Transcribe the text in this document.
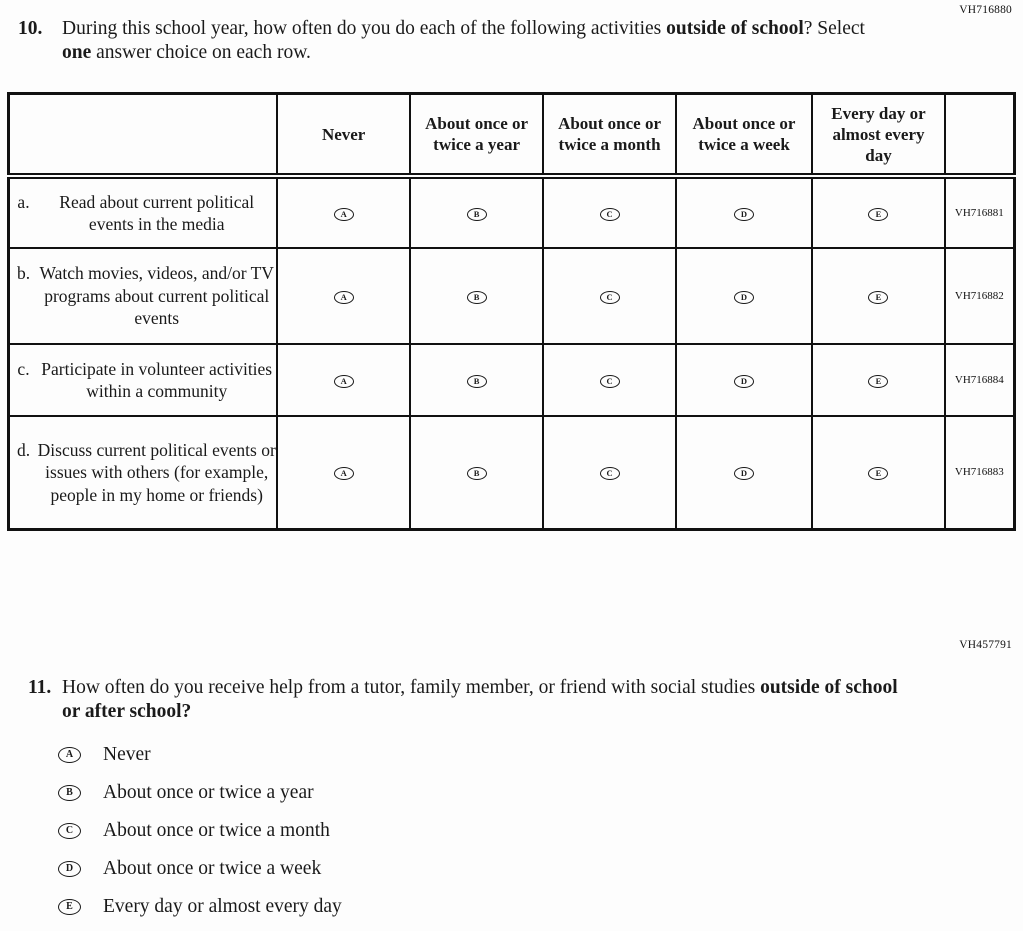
VH716880
10.	During this school year, how often do you do each of the following activities outside of school? Select one answer choice on each row.
	Never	About once or twice a year	About once or twice a month	About once or twice a week	Every day or almost every day	

a. Read about current political events in the media	A	B	C	D	E	VH716881

b. Watch movies, videos, and/or TV programs about current political events	A	B	C	D	E	VH716882

c. Participate in volunteer activities within a community	A	B	C	D	E	VH716884

d. Discuss current political events or issues with others (for example, people in my home or friends)	A	B	C	D	E	VH716883
VH457791
11. How often do you receive help from a tutor, family member, or friend with social studies outside of school or after school?
A Never
B About once or twice a year
C About once or twice a month
D About once or twice a week
E Every day or almost every day
